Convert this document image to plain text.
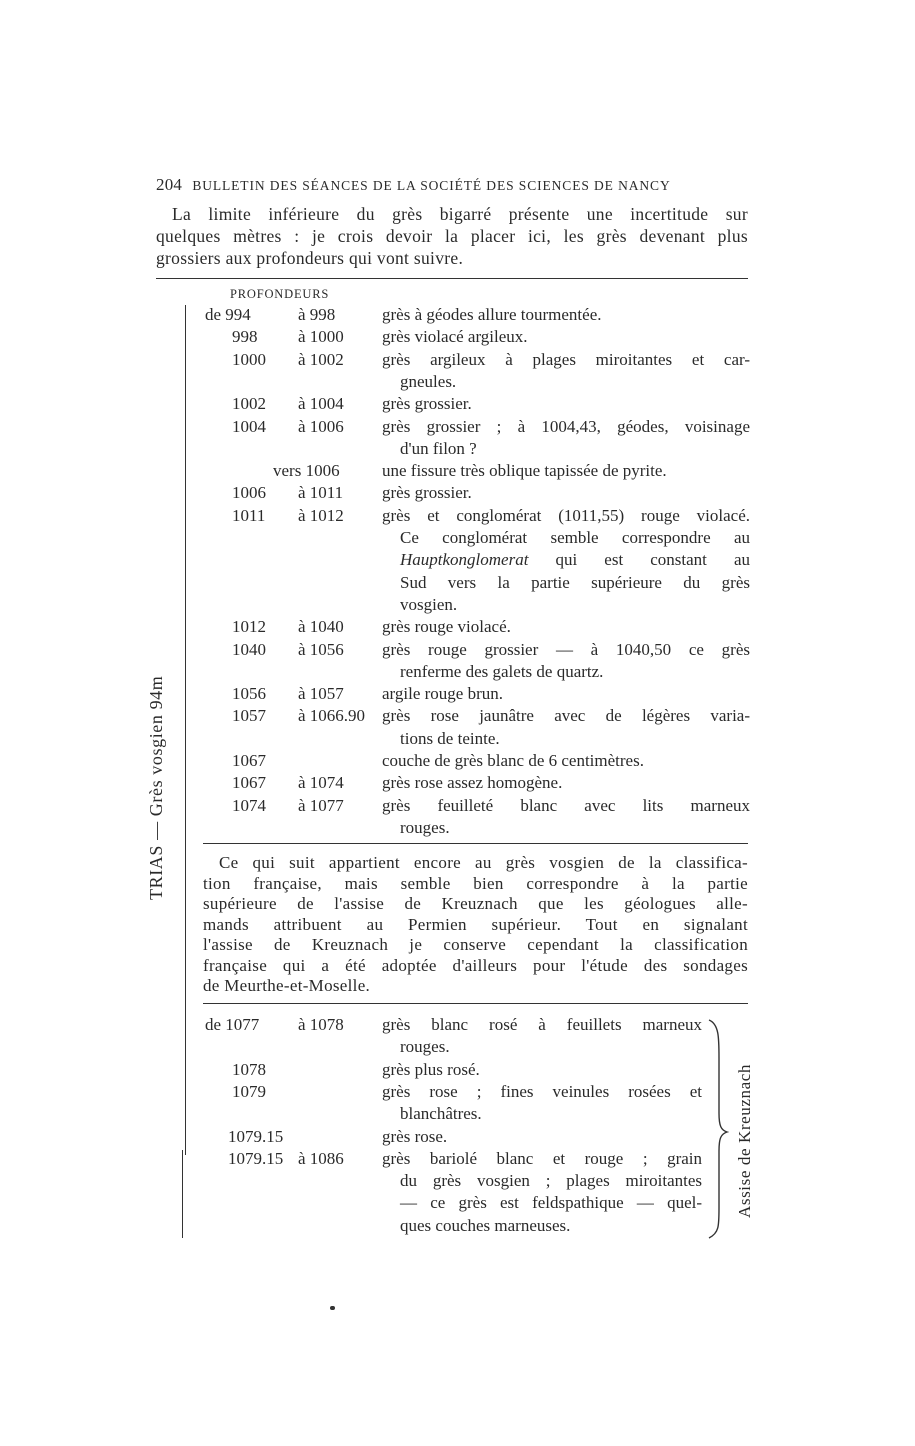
204 BULLETIN DES SÉANCES DE LA SOCIÉTÉ DES SCIENCES DE NANCY
La limite inférieure du grès bigarré présente une incertitude sur
quelques mètres : je crois devoir la placer ici, les grès devenant plus
grossiers aux profondeurs qui vont suivre.
PROFONDEURS
TRIAS — Grès vosgien 94m
de 994	à 998	grès à géodes allure tourmentée.
998 à 1000 grès violacé argileux.
1000 à 1002 grès argileux à plages miroitantes et car-
gneules.
1002 à 1004 grès grossier.
1004 à 1006 grès grossier ; à 1004,43, géodes, voisinage
d'un filon ?
vers 1006 une fissure très oblique tapissée de pyrite.
1006 à 1011 grès grossier.
1011 à 1012 grès et conglomérat (1011,55) rouge violacé.
Ce conglomérat semble correspondre au
Hauptkonglomerat qui est constant au
Sud vers la partie supérieure du grès
vosgien.
1012 à 1040 grès rouge violacé.
1040 à 1056 grès rouge grossier — à 1040,50 ce grès
renferme des galets de quartz.
1056 à 1057 argile rouge brun.
1057 à 1066.90 grès rose jaunâtre avec de légères varia-
tions de teinte.
1067	couche de grès blanc de 6 centimètres.
1067 à 1074 grès rose assez homogène.
1074 à 1077 grès feuilleté blanc avec lits marneux
rouges.
Ce qui suit appartient encore au grès vosgien de la classifica-
tion française, mais semble bien correspondre à la partie
supérieure de l'assise de Kreuznach que les géologues alle-
mands attribuent au Permien supérieur. Tout en signalant
l'assise de Kreuznach je conserve cependant la classification
française qui a été adoptée d'ailleurs pour l'étude des sondages
de Meurthe-et-Moselle.
de 1077 à 1078 grès blanc rosé à feuillets marneux
rouges.
1078	grès plus rosé.
1079	grès rose ; fines veinules rosées et
blanchâtres.
1079.15	grès rose.
1079.15 à 1086 grès bariolé blanc et rouge ; grain
du grès vosgien ; plages miroitantes
— ce grès est feldspathique — quel-
ques couches marneuses.
Assise de Kreuznach
